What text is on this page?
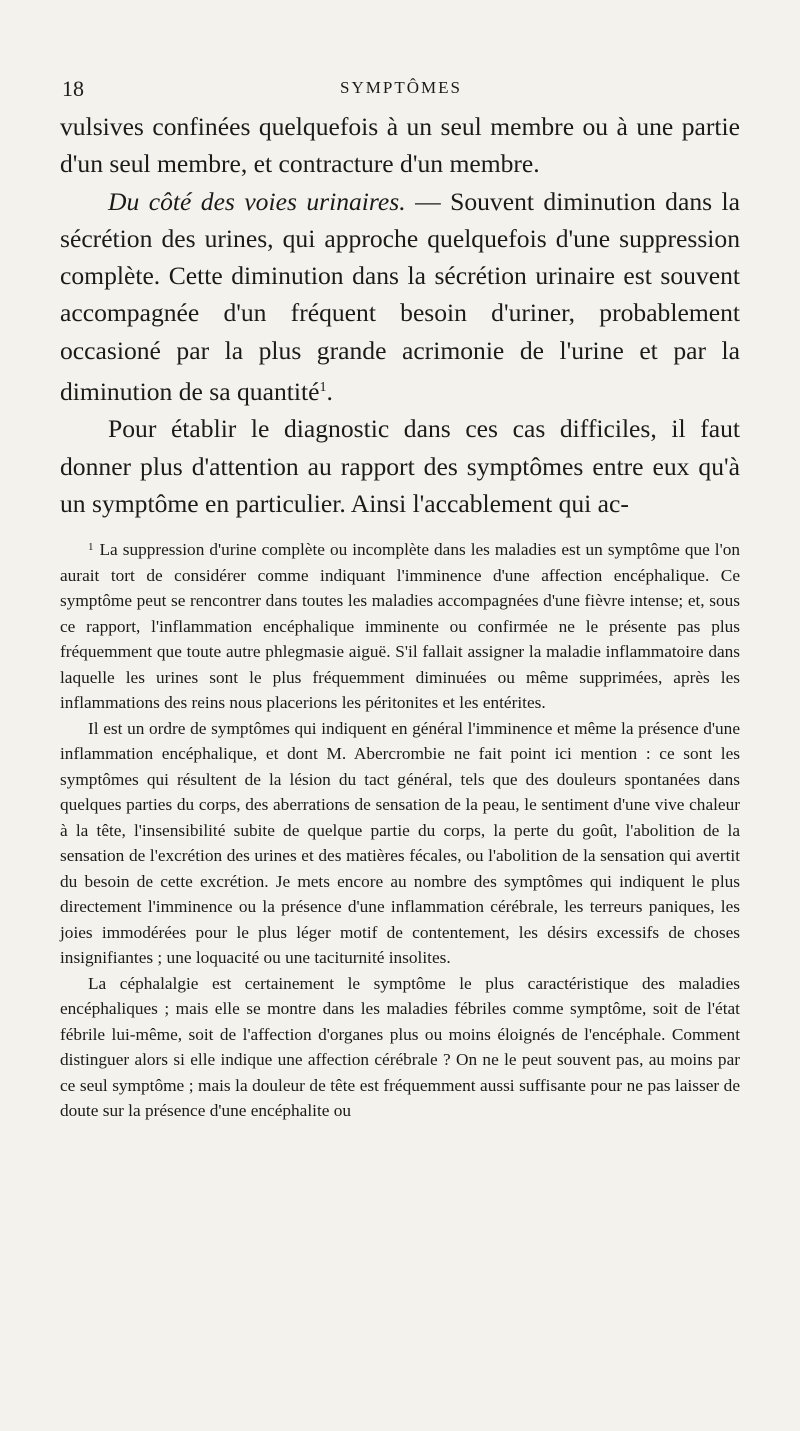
18	SYMPTÔMES

vulsives confinées quelquefois à un seul membre ou à une partie d'un seul membre, et contracture d'un membre.

Du côté des voies urinaires. — Souvent diminution dans la sécrétion des urines, qui approche quelquefois d'une suppression complète. Cette diminution dans la sécrétion urinaire est souvent accompagnée d'un fréquent besoin d'uriner, probablement occasioné par la plus grande acrimonie de l'urine et par la diminution de sa quantité$^1$.

Pour établir le diagnostic dans ces cas difficiles, il faut donner plus d'attention au rapport des symptômes entre eux qu'à un symptôme en particulier. Ainsi l'accablement qui ac-

$^1$ La suppression d'urine complète ou incomplète dans les maladies est un symptôme que l'on aurait tort de considérer comme indiquant l'imminence d'une affection encéphalique. Ce symptôme peut se rencontrer dans toutes les maladies accompagnées d'une fièvre intense; et, sous ce rapport, l'inflammation encéphalique imminente ou confirmée ne le présente pas plus fréquemment que toute autre phlegmasie aiguë. S'il fallait assigner la maladie inflammatoire dans laquelle les urines sont le plus fréquemment diminuées ou même supprimées, après les inflammations des reins nous placerions les péritonites et les entérites.

Il est un ordre de symptômes qui indiquent en général l'imminence et même la présence d'une inflammation encéphalique, et dont M. Abercrombie ne fait point ici mention : ce sont les symptômes qui résultent de la lésion du tact général, tels que des douleurs spontanées dans quelques parties du corps, des aberrations de sensation de la peau, le sentiment d'une vive chaleur à la tête, l'insensibilité subite de quelque partie du corps, la perte du goût, l'abolition de la sensation de l'excrétion des urines et des matières fécales, ou l'abolition de la sensation qui avertit du besoin de cette excrétion. Je mets encore au nombre des symptômes qui indiquent le plus directement l'imminence ou la présence d'une inflammation cérébrale, les terreurs paniques, les joies immodérées pour le plus léger motif de contentement, les désirs excessifs de choses insignifiantes ; une loquacité ou une taciturnité insolites.

La céphalalgie est certainement le symptôme le plus caractéristique des maladies encéphaliques ; mais elle se montre dans les maladies fébriles comme symptôme, soit de l'état fébrile lui-même, soit de l'affection d'organes plus ou moins éloignés de l'encéphale. Comment distinguer alors si elle indique une affection cérébrale ? On ne le peut souvent pas, au moins par ce seul symptôme ; mais la douleur de tête est fréquemment aussi suffisante pour ne pas laisser de doute sur la présence d'une encéphalite ou
